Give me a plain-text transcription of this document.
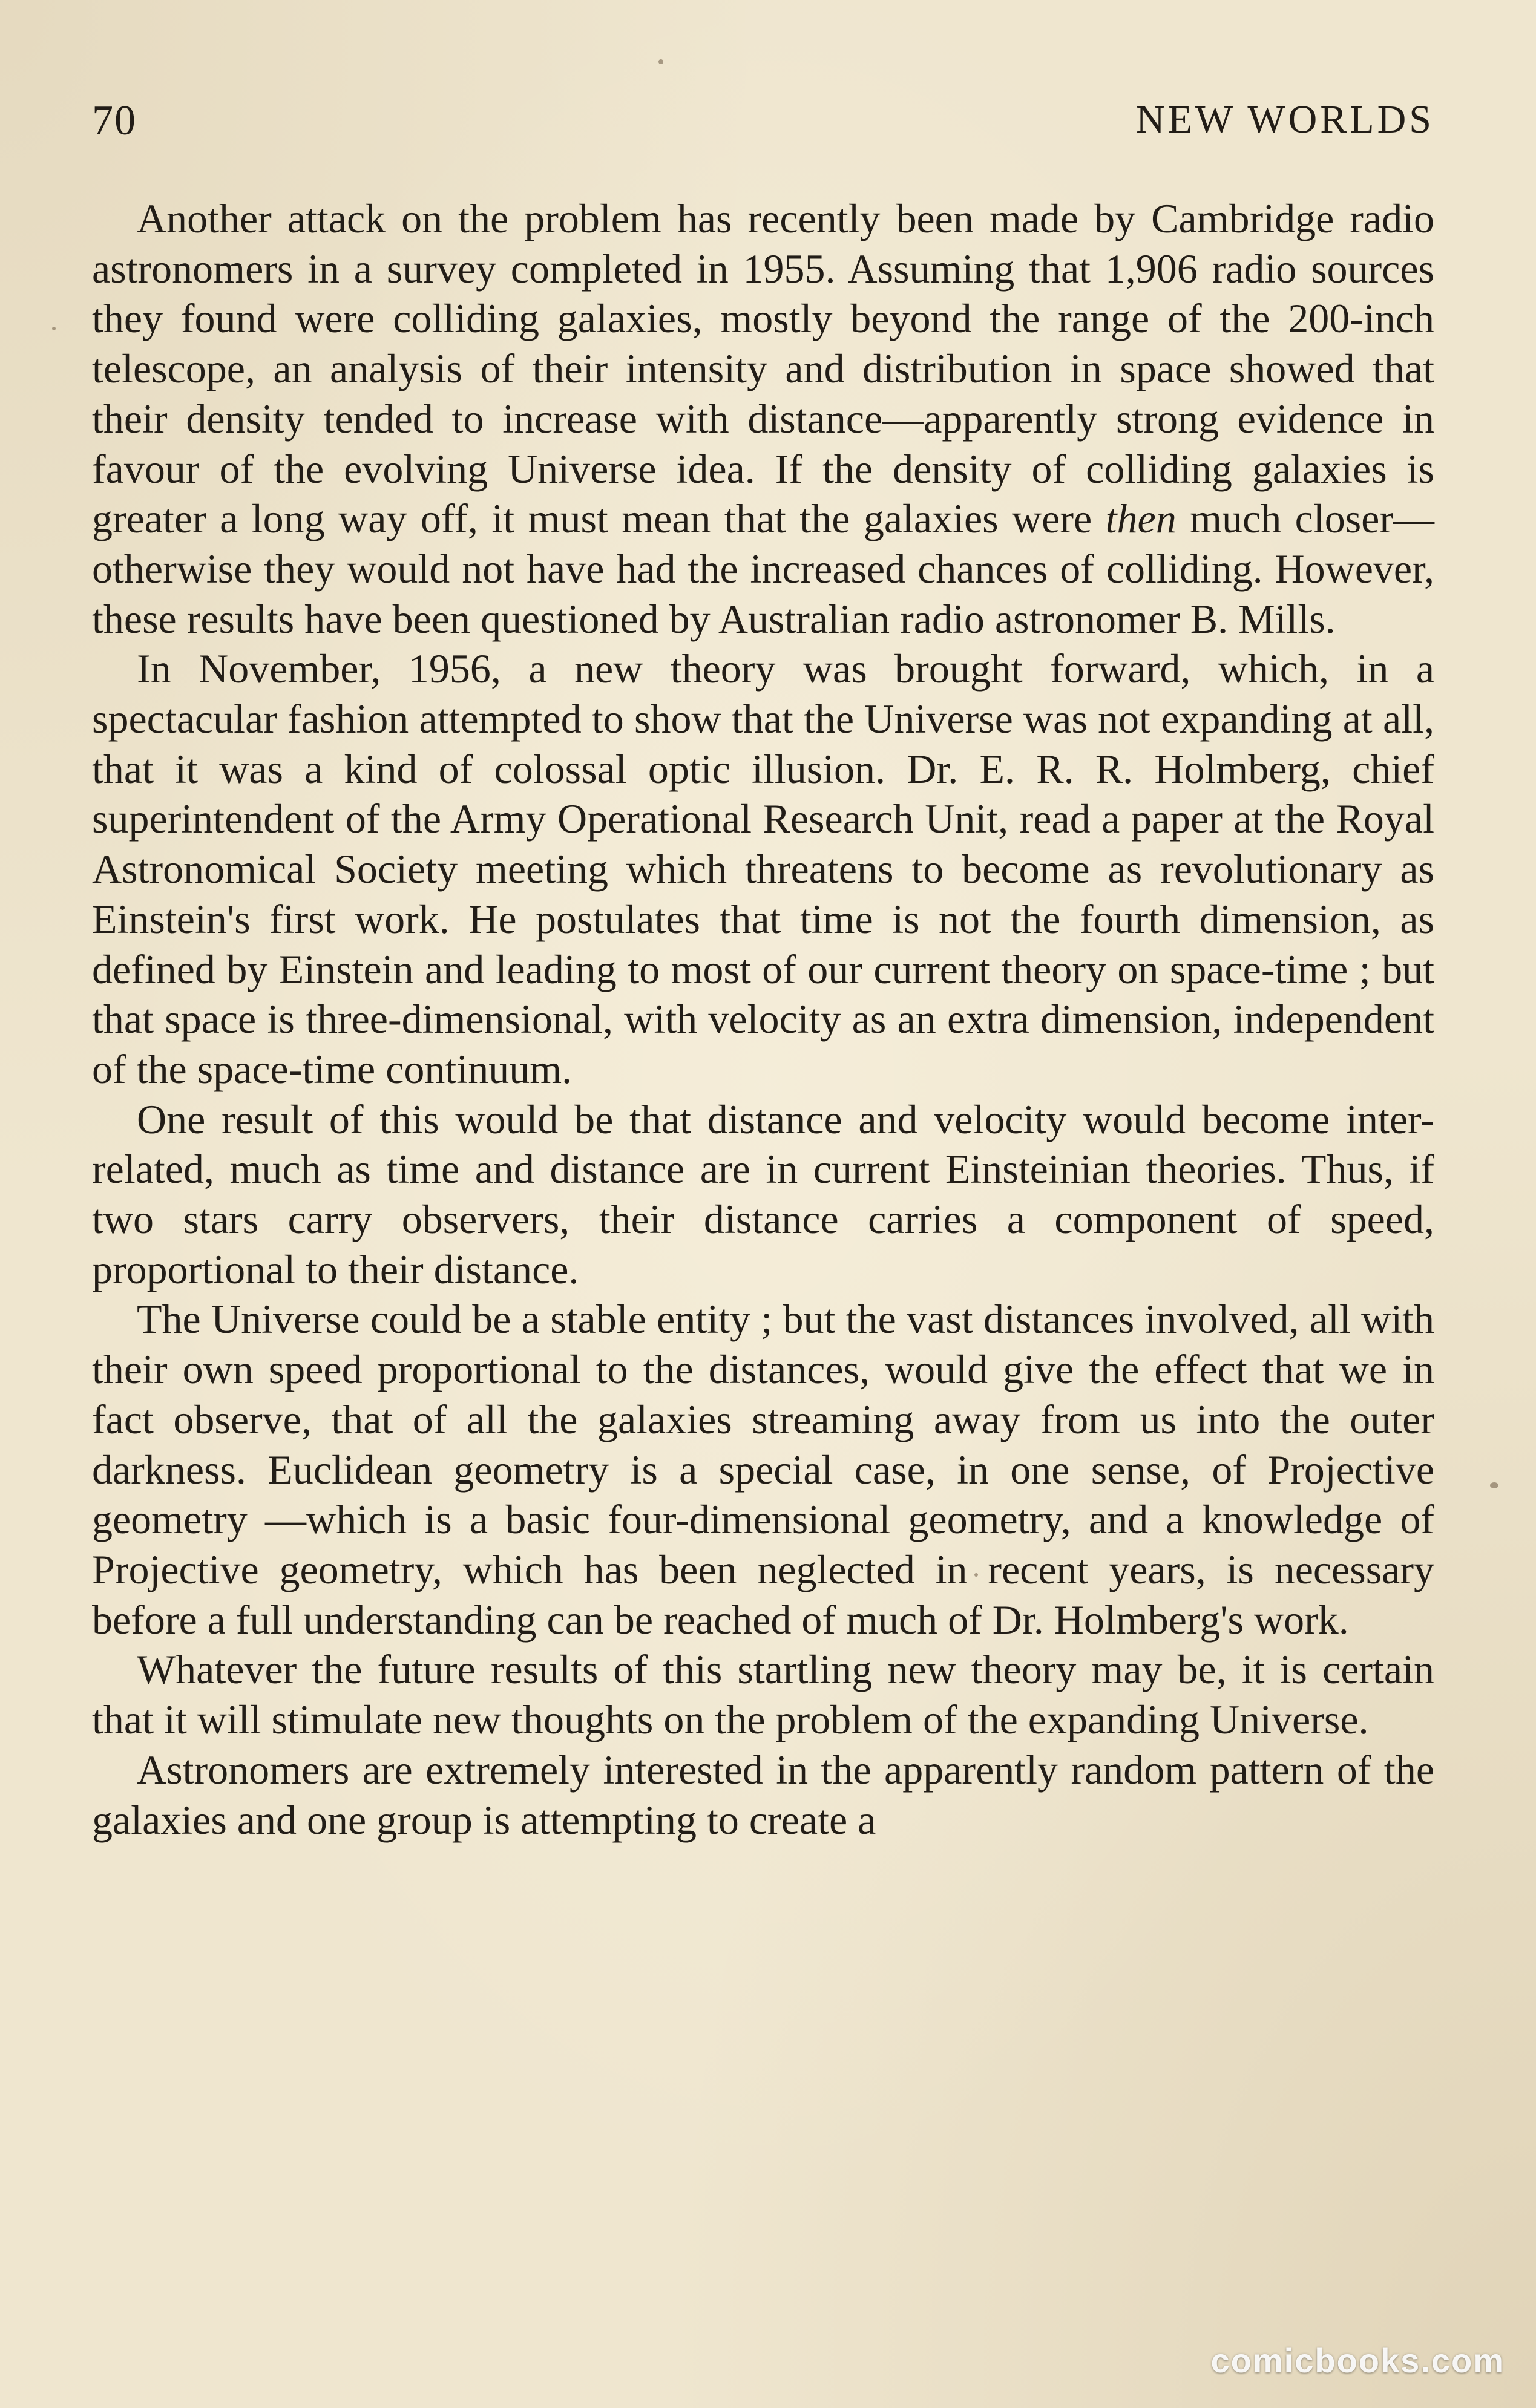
70	NEW WORLDS

Another attack on the problem has recently been made by Cambridge radio astronomers in a survey completed in 1955. Assuming that 1,906 radio sources they found were colliding galaxies, mostly beyond the range of the 200-inch telescope, an analysis of their intensity and distribution in space showed that their density tended to increase with distance—apparently strong evidence in favour of the evolving Universe idea. If the density of colliding galaxies is greater a long way off, it must mean that the galaxies were then much closer—otherwise they would not have had the increased chances of colliding. However, these results have been questioned by Australian radio astronomer B. Mills.

In November, 1956, a new theory was brought forward, which, in a spectacular fashion attempted to show that the Universe was not expanding at all, that it was a kind of colossal optic illusion. Dr. E. R. R. Holmberg, chief superintendent of the Army Operational Research Unit, read a paper at the Royal Astronomical Society meeting which threatens to become as revolutionary as Einstein's first work. He postulates that time is not the fourth dimension, as defined by Einstein and leading to most of our current theory on space-time ; but that space is three-dimensional, with velocity as an extra dimension, independent of the space-time continuum.

One result of this would be that distance and velocity would become inter-related, much as time and distance are in current Einsteinian theories. Thus, if two stars carry observers, their distance carries a component of speed, proportional to their distance.

The Universe could be a stable entity ; but the vast distances involved, all with their own speed proportional to the distances, would give the effect that we in fact observe, that of all the galaxies streaming away from us into the outer darkness. Euclidean geometry is a special case, in one sense, of Projective geometry —which is a basic four-dimensional geometry, and a knowledge of Projective geometry, which has been neglected in recent years, is necessary before a full understanding can be reached of much of Dr. Holmberg's work.

Whatever the future results of this startling new theory may be, it is certain that it will stimulate new thoughts on the problem of the expanding Universe.

Astronomers are extremely interested in the apparently random pattern of the galaxies and one group is attempting to create a

comicbooks.com
